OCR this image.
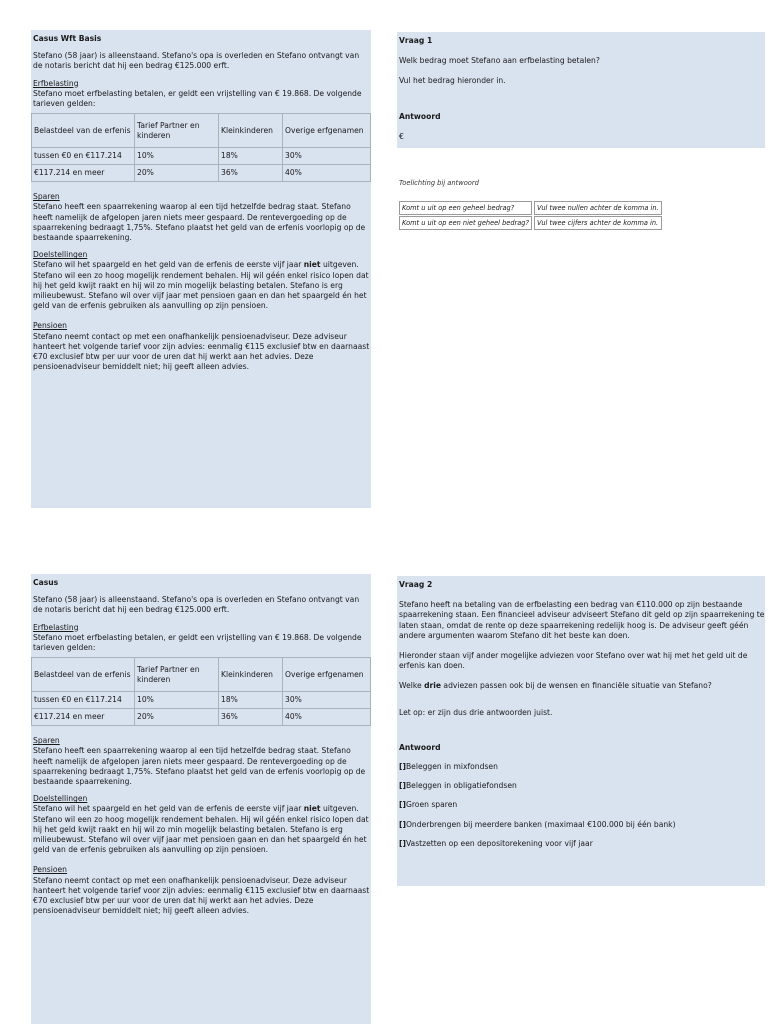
Casus Wft Basis
Stefano (58 jaar) is alleenstaand. Stefano's opa is overleden en Stefano ontvangt van de notaris bericht dat hij een bedrag €125.000 erft.
Erfbelasting
Stefano moet erfbelasting betalen, er geldt een vrijstelling van € 19.868. De volgende tarieven gelden:
Belastdeel van de erfenis	Tarief Partner en kinderen	Kleinkinderen	Overige erfgenamen
tussen €0 en €117.214	10%	18%	30%
€117.214 en meer	20%	36%	40%
Sparen
Stefano heeft een spaarrekening waarop al een tijd hetzelfde bedrag staat. Stefano heeft namelijk de afgelopen jaren niets meer gespaard. De rentevergoeding op de spaarrekening bedraagt 1,75%. Stefano plaatst het geld van de erfenis voorlopig op de bestaande spaarrekening.
Doelstellingen
Stefano wil het spaargeld en het geld van de erfenis de eerste vijf jaar niet uitgeven. Stefano wil een zo hoog mogelijk rendement behalen. Hij wil géén enkel risico lopen dat hij het geld kwijt raakt en hij wil zo min mogelijk belasting betalen. Stefano is erg milieubewust. Stefano wil over vijf jaar met pensioen gaan en dan het spaargeld én het geld van de erfenis gebruiken als aanvulling op zijn pensioen.
Pensioen
Stefano neemt contact op met een onafhankelijk pensioenadviseur. Deze adviseur hanteert het volgende tarief voor zijn advies: eenmalig €115 exclusief btw en daarnaast €70 exclusief btw per uur voor de uren dat hij werkt aan het advies. Deze pensioenadviseur bemiddelt niet; hij geeft alleen advies.
Vraag 1
Welk bedrag moet Stefano aan erfbelasting betalen?
Vul het bedrag hieronder in.
Antwoord
€
Toelichting bij antwoord
Komt u uit op een geheel bedrag?	Vul twee nullen achter de komma in.
Komt u uit op een niet geheel bedrag?	Vul twee cijfers achter de komma in.
Casus
Stefano (58 jaar) is alleenstaand. Stefano's opa is overleden en Stefano ontvangt van de notaris bericht dat hij een bedrag €125.000 erft.
Erfbelasting
Stefano moet erfbelasting betalen, er geldt een vrijstelling van € 19.868. De volgende tarieven gelden:
Belastdeel van de erfenis	Tarief Partner en kinderen	Kleinkinderen	Overige erfgenamen
tussen €0 en €117.214	10%	18%	30%
€117.214 en meer	20%	36%	40%
Sparen
Stefano heeft een spaarrekening waarop al een tijd hetzelfde bedrag staat. Stefano heeft namelijk de afgelopen jaren niets meer gespaard. De rentevergoeding op de spaarrekening bedraagt 1,75%. Stefano plaatst het geld van de erfenis voorlopig op de bestaande spaarrekening.
Doelstellingen
Stefano wil het spaargeld en het geld van de erfenis de eerste vijf jaar niet uitgeven. Stefano wil een zo hoog mogelijk rendement behalen. Hij wil géén enkel risico lopen dat hij het geld kwijt raakt en hij wil zo min mogelijk belasting betalen. Stefano is erg milieubewust. Stefano wil over vijf jaar met pensioen gaan en dan het spaargeld én het geld van de erfenis gebruiken als aanvulling op zijn pensioen.
Pensioen
Stefano neemt contact op met een onafhankelijk pensioenadviseur. Deze adviseur hanteert het volgende tarief voor zijn advies: eenmalig €115 exclusief btw en daarnaast €70 exclusief btw per uur voor de uren dat hij werkt aan het advies. Deze pensioenadviseur bemiddelt niet; hij geeft alleen advies.
Vraag 2
Stefano heeft na betaling van de erfbelasting een bedrag van €110.000 op zijn bestaande spaarrekening staan. Een financieel adviseur adviseert Stefano dit geld op zijn spaarrekening te laten staan, omdat de rente op deze spaarrekening redelijk hoog is. De adviseur geeft géén andere argumenten waarom Stefano dit het beste kan doen.
Hieronder staan vijf ander mogelijke adviezen voor Stefano over wat hij met het geld uit de erfenis kan doen.
Welke drie adviezen passen ook bij de wensen en financiële situatie van Stefano?
Let op: er zijn dus drie antwoorden juist.
Antwoord
[]Beleggen in mixfondsen
[]Beleggen in obligatiefondsen
[]Groen sparen
[]Onderbrengen bij meerdere banken (maximaal €100.000 bij één bank)
[]Vastzetten op een depositorekening voor vijf jaar
